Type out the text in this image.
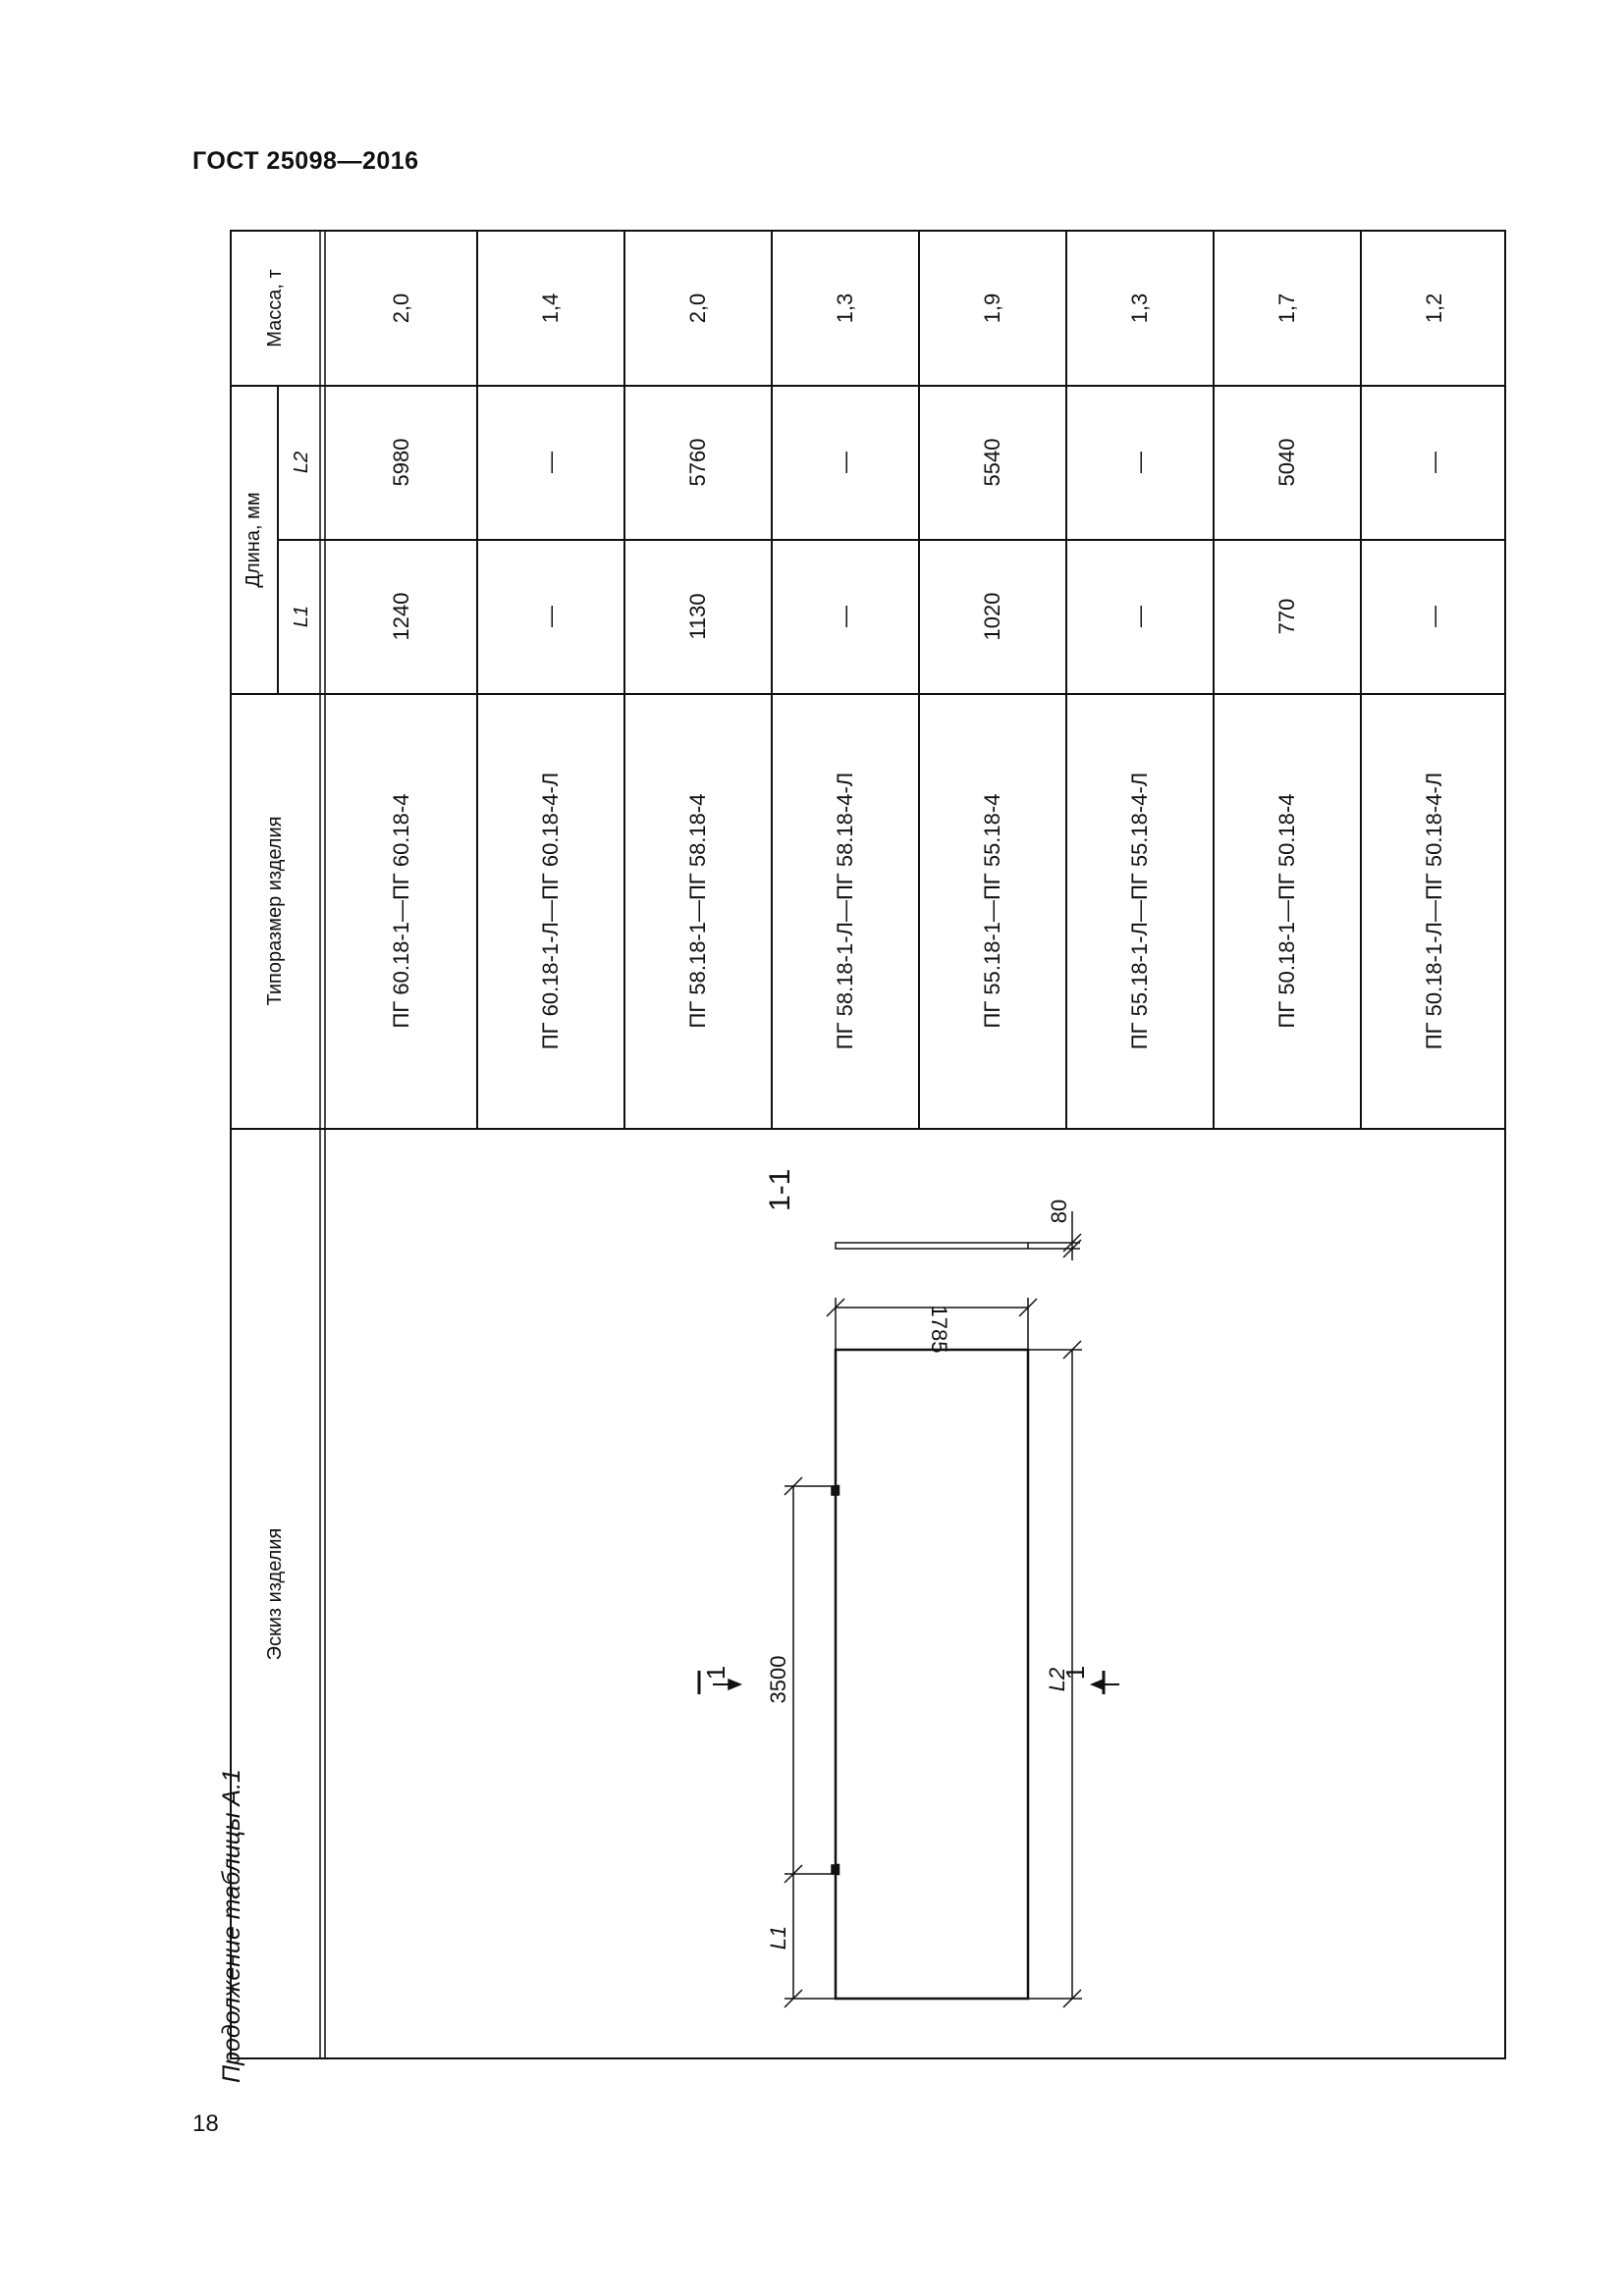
ГОСТ 25098—2016
Продолжение таблицы А.1
18
1-1
1785
80
3500
L1
L2
1	1
Эскиз изделия
Типоразмер изделия
Длина, мм
L1
L2
Масса, т
ПГ 60.18-1—ПГ 60.18-4
1240
5980
2,0
ПГ 60.18-1-Л—ПГ 60.18-4-Л
—
—
1,4
ПГ 58.18-1—ПГ 58.18-4
1130
5760
2,0
ПГ 58.18-1-Л—ПГ 58.18-4-Л
—
—
1,3
ПГ 55.18-1—ПГ 55.18-4
1020
5540
1,9
ПГ 55.18-1-Л—ПГ 55.18-4-Л
—
—
1,3
ПГ 50.18-1—ПГ 50.18-4
770
5040
1,7
ПГ 50.18-1-Л—ПГ 50.18-4-Л
—
—
1,2
